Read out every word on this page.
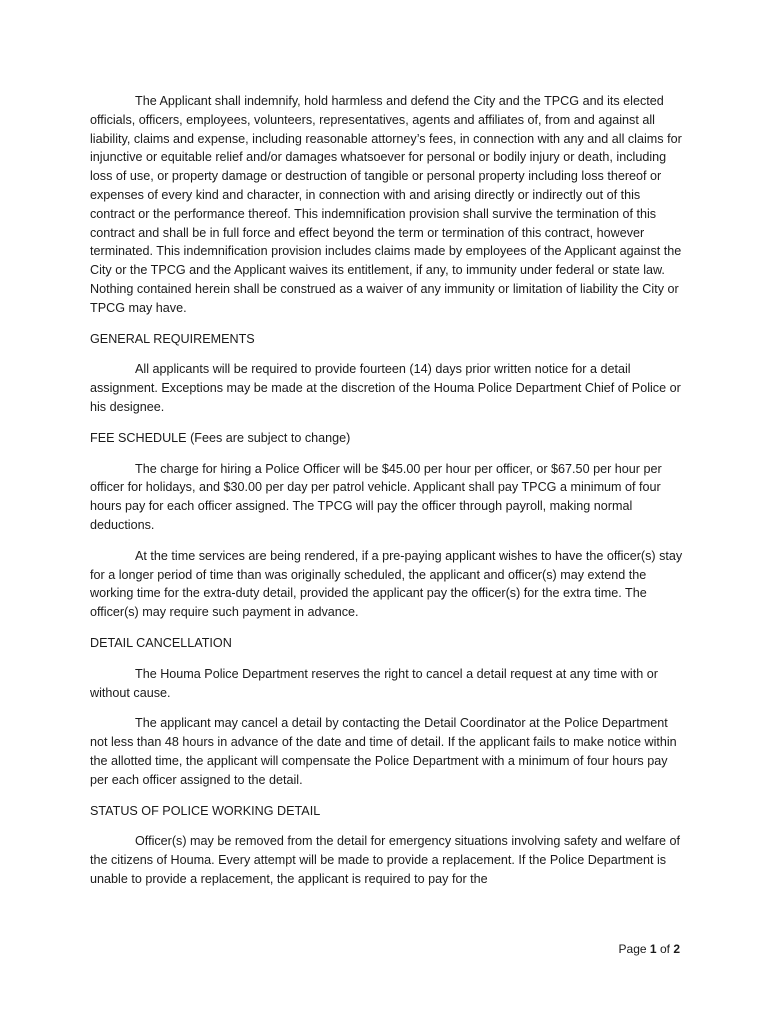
The Applicant shall indemnify, hold harmless and defend the City and the TPCG and its elected officials, officers, employees, volunteers, representatives, agents and affiliates of, from and against all liability, claims and expense, including reasonable attorney’s fees, in connection with any and all claims for injunctive or equitable relief and/or damages whatsoever for personal or bodily injury or death, including loss of use, or property damage or destruction of tangible or personal property including loss thereof or expenses of every kind and character, in connection with and arising directly or indirectly out of this contract or the performance thereof. This indemnification provision shall survive the termination of this contract and shall be in full force and effect beyond the term or termination of this contract, however terminated. This indemnification provision includes claims made by employees of the Applicant against the City or the TPCG and the Applicant waives its entitlement, if any, to immunity under federal or state law. Nothing contained herein shall be construed as a waiver of any immunity or limitation of liability the City or TPCG may have.

GENERAL REQUIREMENTS

All applicants will be required to provide fourteen (14) days prior written notice for a detail assignment. Exceptions may be made at the discretion of the Houma Police Department Chief of Police or his designee.

FEE SCHEDULE (Fees are subject to change)

The charge for hiring a Police Officer will be $45.00 per hour per officer, or $67.50 per hour per officer for holidays, and $30.00 per day per patrol vehicle. Applicant shall pay TPCG a minimum of four hours pay for each officer assigned. The TPCG will pay the officer through payroll, making normal deductions.

At the time services are being rendered, if a pre-paying applicant wishes to have the officer(s) stay for a longer period of time than was originally scheduled, the applicant and officer(s) may extend the working time for the extra-duty detail, provided the applicant pay the officer(s) for the extra time. The officer(s) may require such payment in advance.

DETAIL CANCELLATION

The Houma Police Department reserves the right to cancel a detail request at any time with or without cause.

The applicant may cancel a detail by contacting the Detail Coordinator at the Police Department not less than 48 hours in advance of the date and time of detail. If the applicant fails to make notice within the allotted time, the applicant will compensate the Police Department with a minimum of four hours pay per each officer assigned to the detail.

STATUS OF POLICE WORKING DETAIL

Officer(s) may be removed from the detail for emergency situations involving safety and welfare of the citizens of Houma. Every attempt will be made to provide a replacement. If the Police Department is unable to provide a replacement, the applicant is required to pay for the

Page 1 of 2
